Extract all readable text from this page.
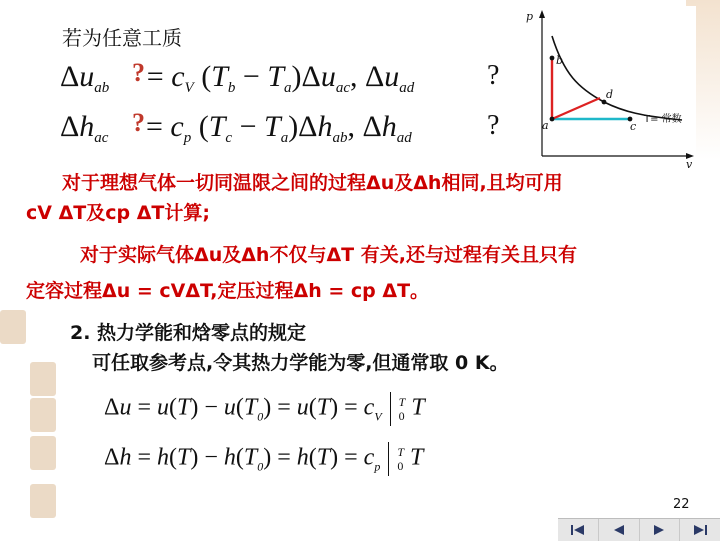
若为任意工质
$\Delta u_{ab} = c_V$ $(T_b - T_a)\Delta u_{ac}$, $\Delta u_{ad}$
?	?
$\Delta h_{ac} = c_p$ $(T_c - T_a)\Delta h_{ab}$, $\Delta h_{ad}$
?	?
p
v
b
a	c
d
T= 常数
对于理想气体一切同温限之间的过程Δu及Δh相同,且均可用
cV ΔT及cp ΔT计算;
对于实际气体Δu及Δh不仅与ΔT 有关,还与过程有关且只有
定容过程Δu = cVΔT,定压过程Δh = cp ΔT。
2. 热力学能和焓零点的规定
可任取参考点,令其热力学能为零,但通常取 0 K。
$\Delta u = u(T) - u(T_0) = u(T) = c_V$  T
0 T
$\Delta h = h(T) - h(T_0) = h(T) = c_p$  T
0 T
22
